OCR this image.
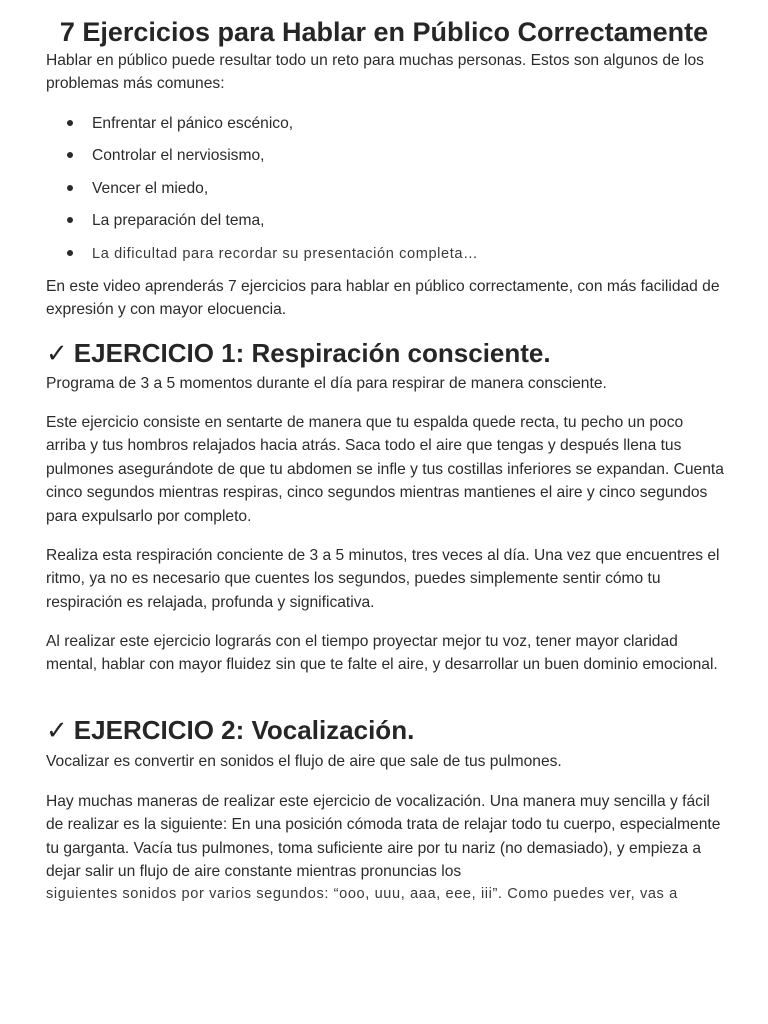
7 Ejercicios para Hablar en Público Correctamente

Hablar en público puede resultar todo un reto para muchas personas. Estos son algunos de los problemas más comunes:

Enfrentar el pánico escénico,
Controlar el nerviosismo,
Vencer el miedo,
La preparación del tema,
La dificultad para recordar su presentación completa…

En este video aprenderás 7 ejercicios para hablar en público correctamente, con más facilidad de expresión y con mayor elocuencia.

✓ EJERCICIO 1: Respiración consciente.

Programa de 3 a 5 momentos durante el día para respirar de manera consciente.

Este ejercicio consiste en sentarte de manera que tu espalda quede recta, tu pecho un poco arriba y tus hombros relajados hacia atrás. Saca todo el aire que tengas y después llena tus pulmones asegurándote de que tu abdomen se infle y tus costillas inferiores se expandan. Cuenta cinco segundos mientras respiras, cinco segundos mientras mantienes el aire y cinco segundos para expulsarlo por completo.

Realiza esta respiración conciente de 3 a 5 minutos, tres veces al día. Una vez que encuentres el ritmo, ya no es necesario que cuentes los segundos, puedes simplemente sentir cómo tu respiración es relajada, profunda y significativa.

Al realizar este ejercicio lograrás con el tiempo proyectar mejor tu voz, tener mayor claridad mental, hablar con mayor fluidez sin que te falte el aire, y desarrollar un buen dominio emocional.

✓ EJERCICIO 2: Vocalización.

Vocalizar es convertir en sonidos el flujo de aire que sale de tus pulmones.

Hay muchas maneras de realizar este ejercicio de vocalización. Una manera muy sencilla y fácil de realizar es la siguiente: En una posición cómoda trata de relajar todo tu cuerpo, especialmente tu garganta. Vacía tus pulmones, toma suficiente aire por tu nariz (no demasiado), y empieza a dejar salir un flujo de aire constante mientras pronuncias los

siguientes sonidos por varios segundos: “ooo, uuu, aaa, eee, iii”. Como puedes ver, vas a
